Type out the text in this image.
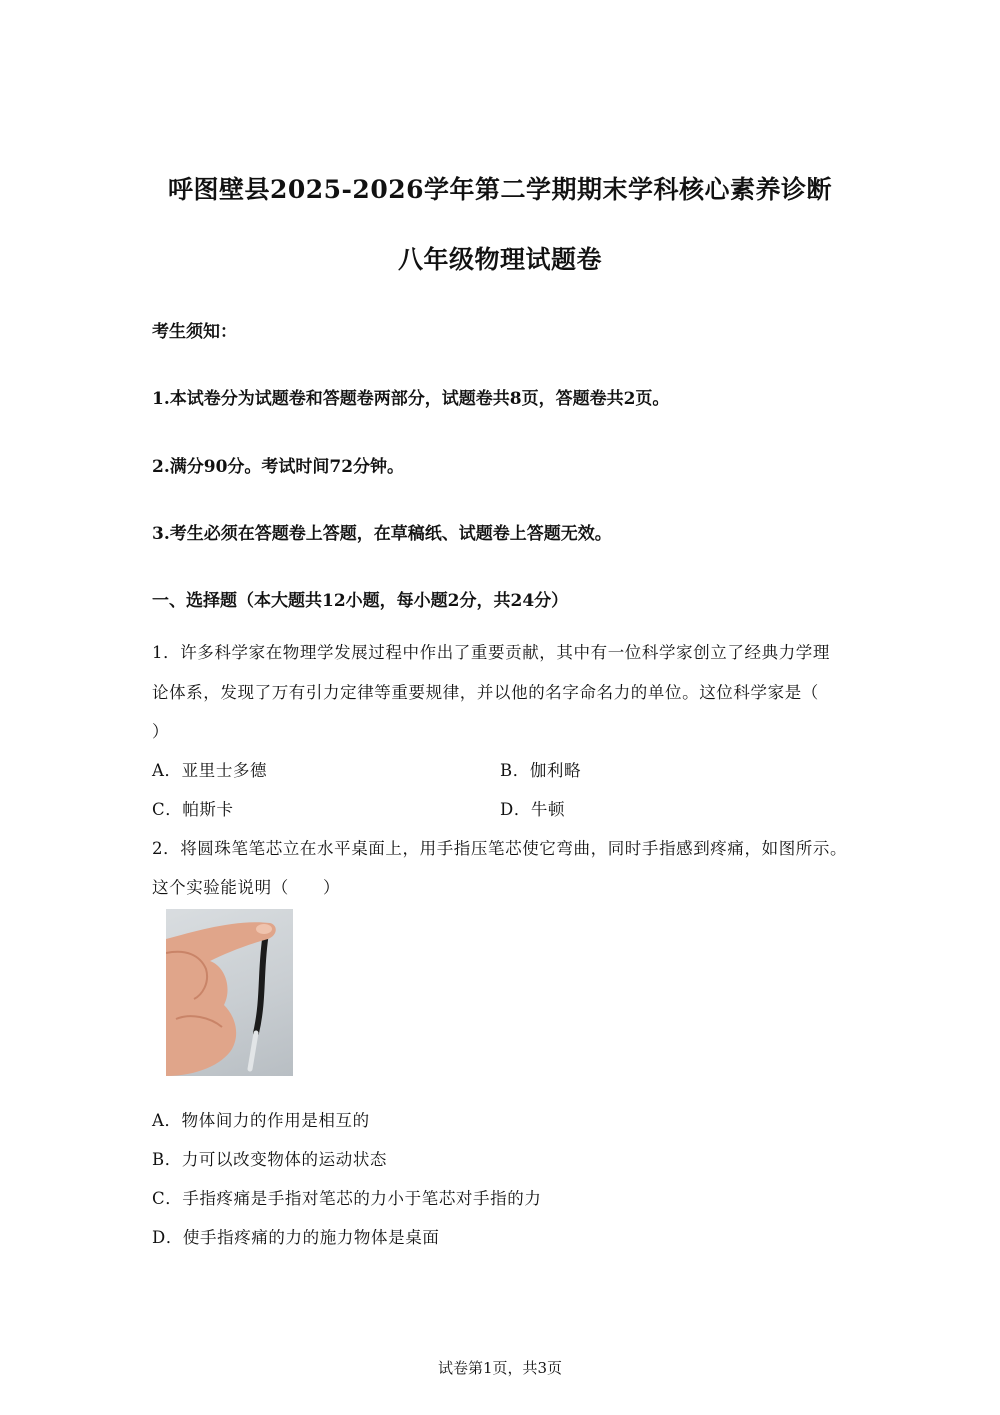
呼图壁县2025-2026学年第二学期期末学科核心素养诊断
八年级物理试题卷
考生须知：
1.本试卷分为试题卷和答题卷两部分，试题卷共8页，答题卷共2页。
2.满分90分。考试时间72分钟。
3.考生必须在答题卷上答题，在草稿纸、试题卷上答题无效。
一、选择题（本大题共12小题，每小题2分，共24分）
1．许多科学家在物理学发展过程中作出了重要贡献，其中有一位科学家创立了经典力学理
论体系，发现了万有引力定律等重要规律，并以他的名字命名力的单位。这位科学家是（
）
A．亚里士多德	B．伽利略
C．帕斯卡	D．牛顿
2．将圆珠笔笔芯立在水平桌面上，用手指压笔芯使它弯曲，同时手指感到疼痛，如图所示。
这个实验能说明（　　）
A．物体间力的作用是相互的
B．力可以改变物体的运动状态
C．手指疼痛是手指对笔芯的力小于笔芯对手指的力
D．使手指疼痛的力的施力物体是桌面
试卷第1页，共3页
